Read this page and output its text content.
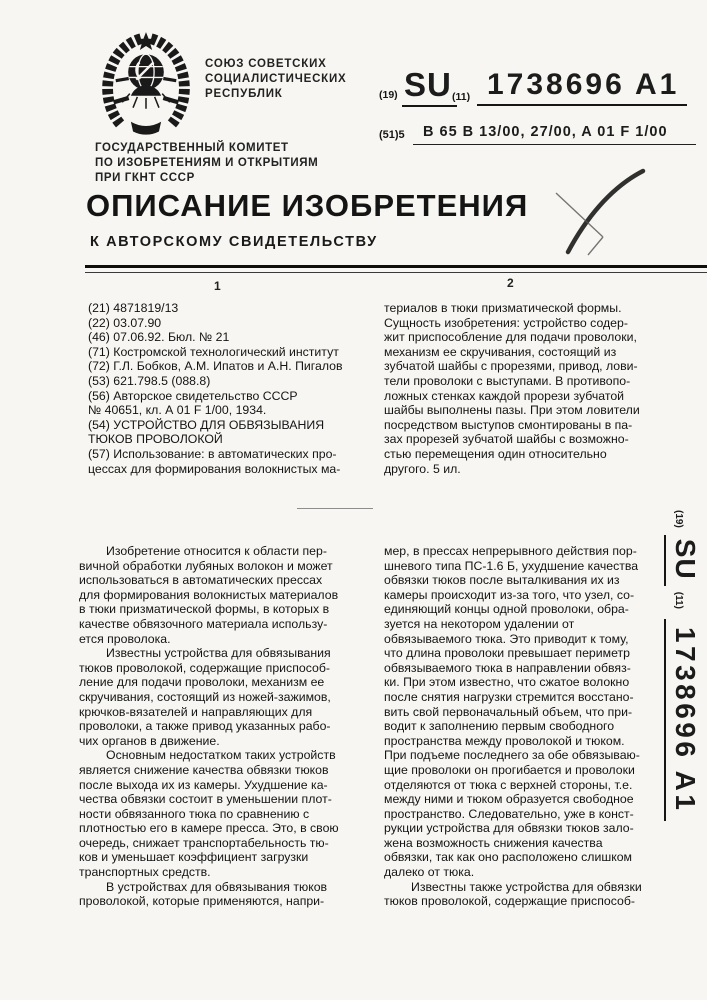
СОЮЗ СОВЕТСКИХ
СОЦИАЛИСТИЧЕСКИХ
РЕСПУБЛИК
ГОСУДАРСТВЕННЫЙ КОМИТЕТ
ПО ИЗОБРЕТЕНИЯМ И ОТКРЫТИЯМ
ПРИ ГКНТ СССР
(19) SU (11) 1738696 A1
(51)5	B 65 B 13/00, 27/00, A 01 F 1/00
ОПИСАНИЕ ИЗОБРЕТЕНИЯ
К АВТОРСКОМУ СВИДЕТЕЛЬСТВУ
1	2
(21) 4871819/13
(22) 03.07.90
(46) 07.06.92. Бюл. № 21
(71) Костромской технологический институт
(72) Г.Л. Бобков, А.М. Ипатов и А.Н. Пигалов
(53) 621.798.5 (088.8)
(56) Авторское свидетельство СССР
№ 40651, кл. А 01 F 1/00, 1934.
(54) УСТРОЙСТВО ДЛЯ ОБВЯЗЫВАНИЯ
ТЮКОВ ПРОВОЛОКОЙ
(57) Использование: в автоматических про-
цессах для формирования волокнистых ма-
териалов в тюки призматической формы.
Сущность изобретения: устройство содер-
жит приспособление для подачи проволоки,
механизм ее скручивания, состоящий из
зубчатой шайбы с прорезями, привод, лови-
тели проволоки с выступами. В противопо-
ложных стенках каждой прорези зубчатой
шайбы выполнены пазы. При этом ловители
посредством выступов смонтированы в па-
зах прорезей зубчатой шайбы с возможно-
стью перемещения один относительно
другого. 5 ил.
Изобретение относится к области пер-
вичной обработки лубяных волокон и может
использоваться в автоматических прессах
для формирования волокнистых материалов
в тюки призматической формы, в которых в
качестве обвязочного материала использу-
ется проволока.
Известны устройства для обвязывания
тюков проволокой, содержащие приспособ-
ление для подачи проволоки, механизм ее
скручивания, состоящий из ножей-зажимов,
крючков-вязателей и направляющих для
проволоки, а также привод указанных рабо-
чих органов в движение.
Основным недостатком таких устройств
является снижение качества обвязки тюков
после выхода их из камеры. Ухудшение ка-
чества обвязки состоит в уменьшении плот-
ности обвязанного тюка по сравнению с
плотностью его в камере пресса. Это, в свою
очередь, снижает транспортабельность тю-
ков и уменьшает коэффициент загрузки
транспортных средств.
В устройствах для обвязывания тюков
проволокой, которые применяются, напри-
мер, в прессах непрерывного действия пор-
шневого типа ПС-1.6 Б, ухудшение качества
обвязки тюков после выталкивания их из
камеры происходит из-за того, что узел, со-
единяющий концы одной проволоки, обра-
зуется на некотором удалении от
обвязываемого тюка. Это приводит к тому,
что длина проволоки превышает периметр
обвязываемого тюка в направлении обвяз-
ки. При этом известно, что сжатое волокно
после снятия нагрузки стремится восстано-
вить свой первоначальный объем, что при-
водит к заполнению первым свободного
пространства между проволокой и тюком.
При подъеме последнего за обе обвязываю-
щие проволоки он прогибается и проволоки
отделяются от тюка с верхней стороны, т.е.
между ними и тюком образуется свободное
пространство. Следовательно, уже в конст-
рукции устройства для обвязки тюков зало-
жена возможность снижения качества
обвязки, так как оно расположено слишком
далеко от тюка.
Известны также устройства для обвязки
тюков проволокой, содержащие приспособ-
(19)
SU
(11)
1738696 A1
